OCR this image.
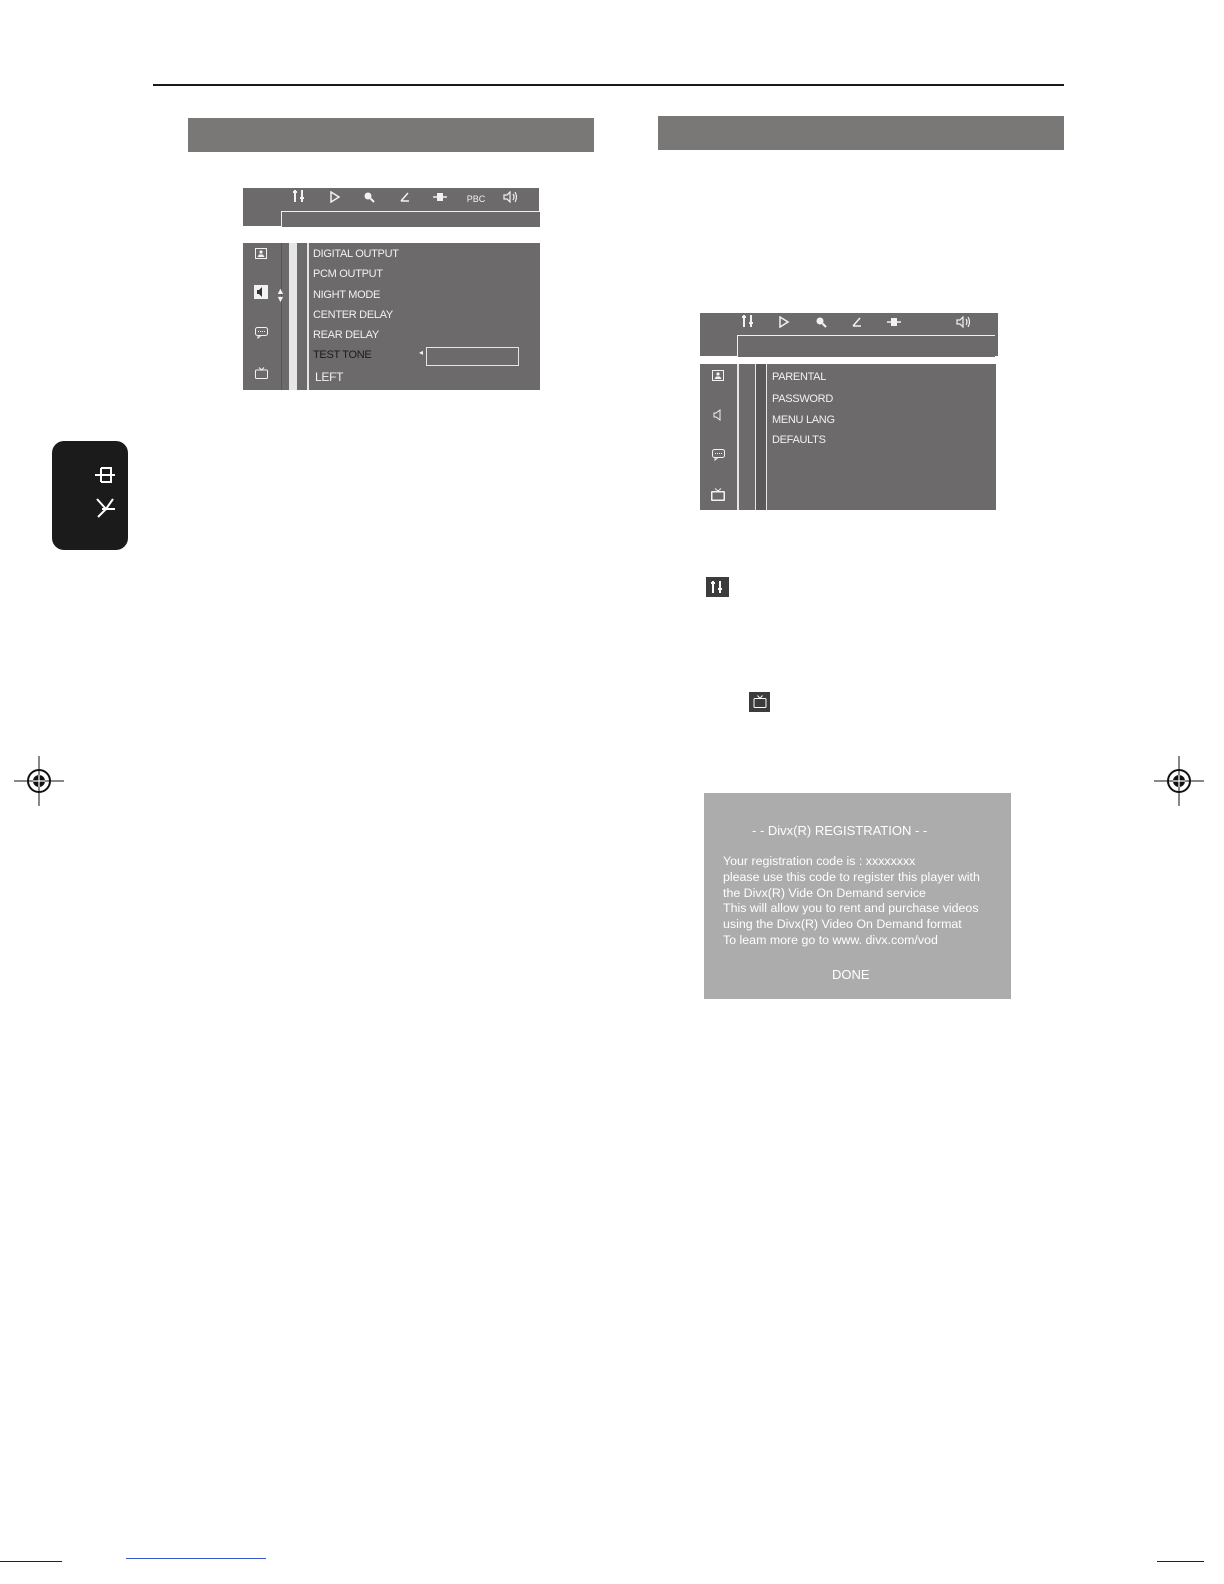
PBC
▲
▼
DIGITAL OUTPUT
PCM OUTPUT
NIGHT MODE
CENTER DELAY
REAR DELAY
TEST TONE	◂
LEFT	PARENTAL
PASSWORD
MENU LANG
DEFAULTS
- - Divx(R) REGISTRATION - -
Your registration code is : xxxxxxxx
please use this code to register this player with
the Divx(R) Vide On Demand service
This will allow you to rent and purchase videos
using the Divx(R) Video On Demand format
To leam more go to www. divx.com/vod
DONE
